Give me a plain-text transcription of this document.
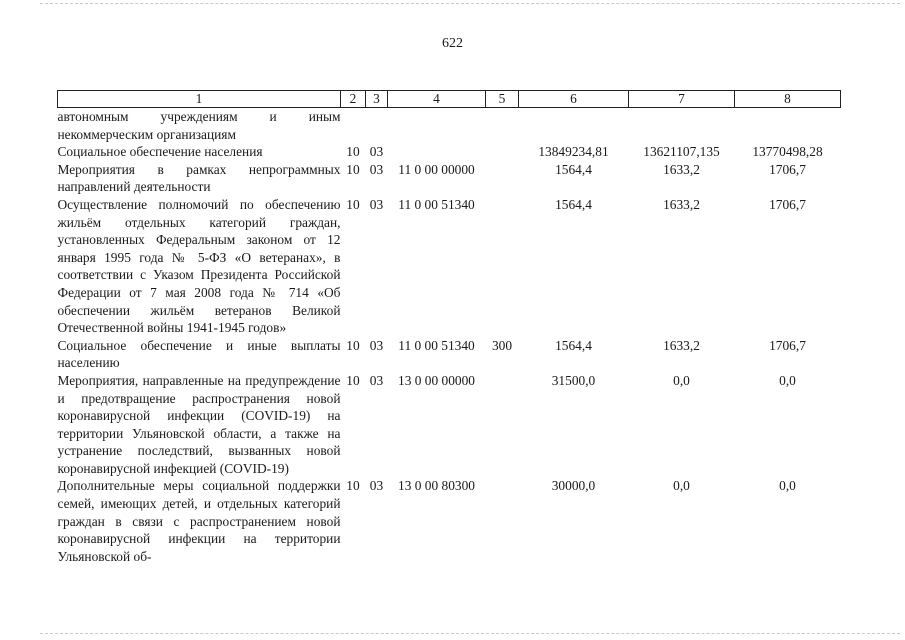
622
1	2	3	4	5	6	7	8
автономным учреждениям и иным некоммерческим организациям							
Социальное обеспечение населения	10	03			13849234,81	13621107,135	13770498,28
Мероприятия в рамках непрограммных направлений деятельности	10	03	11 0 00 00000		1564,4	1633,2	1706,7
Осуществление полномочий по обеспечению жильём отдельных категорий граждан, установленных Федеральным законом от 12 января 1995 года № 5-ФЗ «О ветеранах», в соответствии с Указом Президента Российской Федерации от 7 мая 2008 года № 714 «Об обеспечении жильём ветеранов Великой Отечественной войны 1941-1945 годов»	10	03	11 0 00 51340		1564,4	1633,2	1706,7
Социальное обеспечение и иные выплаты населению	10	03	11 0 00 51340	300	1564,4	1633,2	1706,7
Мероприятия, направленные на предупреждение и предотвращение распространения новой коронавирусной инфекции (COVID-19) на территории Ульяновской области, а также на устранение последствий, вызванных новой коронавирусной инфекцией (COVID-19)	10	03	13 0 00 00000		31500,0	0,0	0,0
Дополнительные меры социальной поддержки семей, имеющих детей, и отдельных категорий граждан в связи с распространением новой коронавирусной инфекции на территории Ульяновской об-	10	03	13 0 00 80300		30000,0	0,0	0,0
